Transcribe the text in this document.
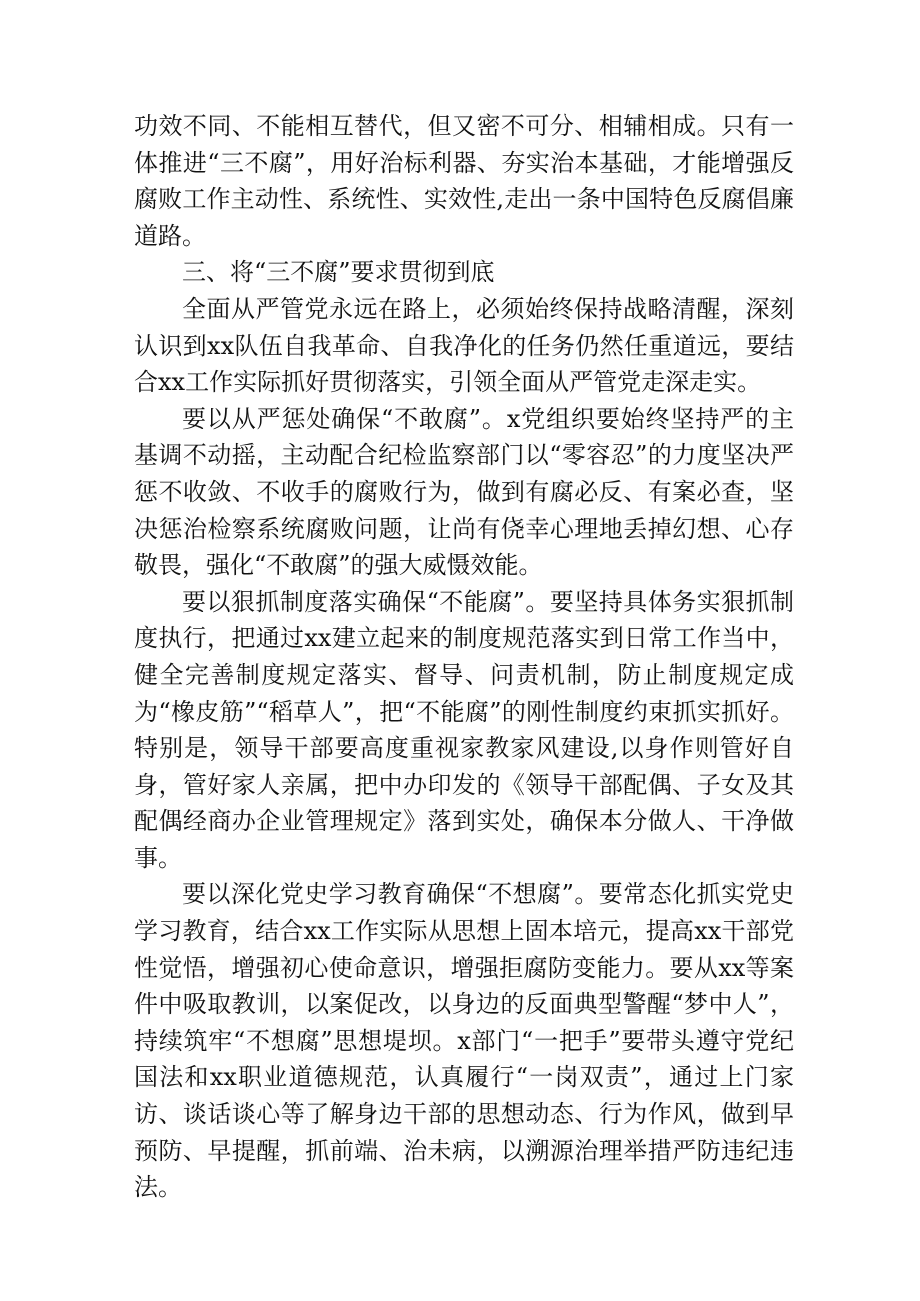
功效不同、不能相互替代，但又密不可分、相辅相成。只有一体推进“三不腐”，用好治标利器、夯实治本基础，才能增强反腐败工作主动性、系统性、实效性,走出一条中国特色反腐倡廉道路。

三、将“三不腐”要求贯彻到底

全面从严管党永远在路上，必须始终保持战略清醒，深刻认识到xx队伍自我革命、自我净化的任务仍然任重道远，要结合xx工作实际抓好贯彻落实，引领全面从严管党走深走实。

要以从严惩处确保“不敢腐”。x党组织要始终坚持严的主基调不动摇，主动配合纪检监察部门以“零容忍”的力度坚决严惩不收敛、不收手的腐败行为，做到有腐必反、有案必查，坚决惩治检察系统腐败问题，让尚有侥幸心理地丢掉幻想、心存敬畏，强化“不敢腐”的强大威慑效能。

要以狠抓制度落实确保“不能腐”。要坚持具体务实狠抓制度执行，把通过xx建立起来的制度规范落实到日常工作当中，健全完善制度规定落实、督导、问责机制，防止制度规定成为“橡皮筋”“稻草人”，把“不能腐”的刚性制度约束抓实抓好。特别是，领导干部要高度重视家教家风建设,以身作则管好自身，管好家人亲属，把中办印发的《领导干部配偶、子女及其配偶经商办企业管理规定》落到实处，确保本分做人、干净做事。

要以深化党史学习教育确保“不想腐”。要常态化抓实党史学习教育，结合xx工作实际从思想上固本培元，提高xx干部党性觉悟，增强初心使命意识，增强拒腐防变能力。要从xx等案件中吸取教训，以案促改，以身边的反面典型警醒“梦中人”，持续筑牢“不想腐”思想堤坝。x部门“一把手”要带头遵守党纪国法和xx职业道德规范，认真履行“一岗双责”，通过上门家访、谈话谈心等了解身边干部的思想动态、行为作风，做到早预防、早提醒，抓前端、治未病，以溯源治理举措严防违纪违法。
